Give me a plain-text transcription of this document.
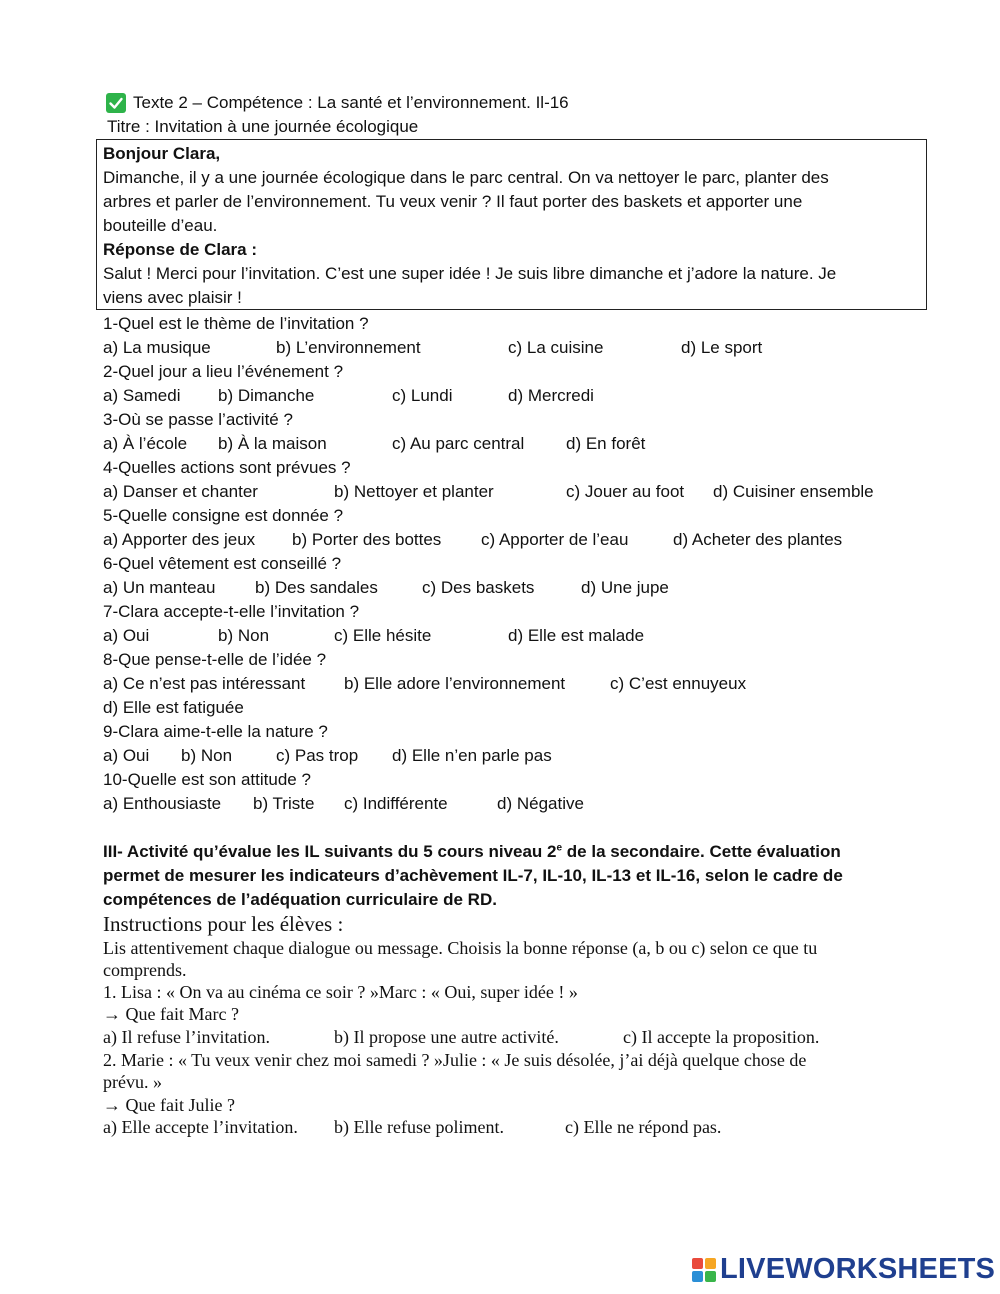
Texte 2 – Compétence : La santé et l’environnement. Il-16
Titre : Invitation à une journée écologique
Bonjour Clara,
Dimanche, il y a une journée écologique dans le parc central. On va nettoyer le parc, planter des
arbres et parler de l’environnement. Tu veux venir ? Il faut porter des baskets et apporter une
bouteille d’eau.
Réponse de Clara :
Salut ! Merci pour l’invitation. C’est une super idée ! Je suis libre dimanche et j’adore la nature. Je
viens avec plaisir !
1-Quel est le thème de l’invitation ?
a) La musique	b) L’environnement	c) La cuisine	d) Le sport
2-Quel jour a lieu l’événement ?
a) Samedi b) Dimanche	c) Lundi	d) Mercredi
3-Où se passe l’activité ?
a) À l’école b) À la maison	c) Au parc central d) En forêt
4-Quelles actions sont prévues ?
a) Danser et chanter	b) Nettoyer et planter	c) Jouer au foot d) Cuisiner ensemble
5-Quelle consigne est donnée ?
a) Apporter des jeux b) Porter des bottes c) Apporter de l’eau	d) Acheter des plantes
6-Quel vêtement est conseillé ?
a) Un manteau b) Des sandales	c) Des baskets	d) Une jupe
7-Clara accepte-t-elle l’invitation ?
a) Oui	b) Non	c) Elle hésite	d) Elle est malade
8-Que pense-t-elle de l’idée ?
a) Ce n’est pas intéressant b) Elle adore l’environnement	c) C’est ennuyeux
d) Elle est fatiguée
9-Clara aime-t-elle la nature ?
a) Oui b) Non	c) Pas trop d) Elle n’en parle pas
10-Quelle est son attitude ?
a) Enthousiaste b) Triste c) Indifférente	d) Négative
III- Activité qu’évalue les IL suivants du 5 cours niveau 2e de la secondaire. Cette évaluation
permet de mesurer les indicateurs d’achèvement IL-7, IL-10, IL-13 et IL-16, selon le cadre de
compétences de l’adéquation curriculaire de RD.
Instructions pour les élèves :
Lis attentivement chaque dialogue ou message. Choisis la bonne réponse (a, b ou c) selon ce que tu
comprends.
1. Lisa : « On va au cinéma ce soir ? »Marc : « Oui, super idée ! »
→ Que fait Marc ?
a) Il refuse l’invitation.	b) Il propose une autre activité.	c) Il accepte la proposition.
2. Marie : « Tu veux venir chez moi samedi ? »Julie : « Je suis désolée, j’ai déjà quelque chose de
prévu. »
→ Que fait Julie ?
a) Elle accepte l’invitation. b) Elle refuse poliment.	c) Elle ne répond pas.
LIVEWORKSHEETS
